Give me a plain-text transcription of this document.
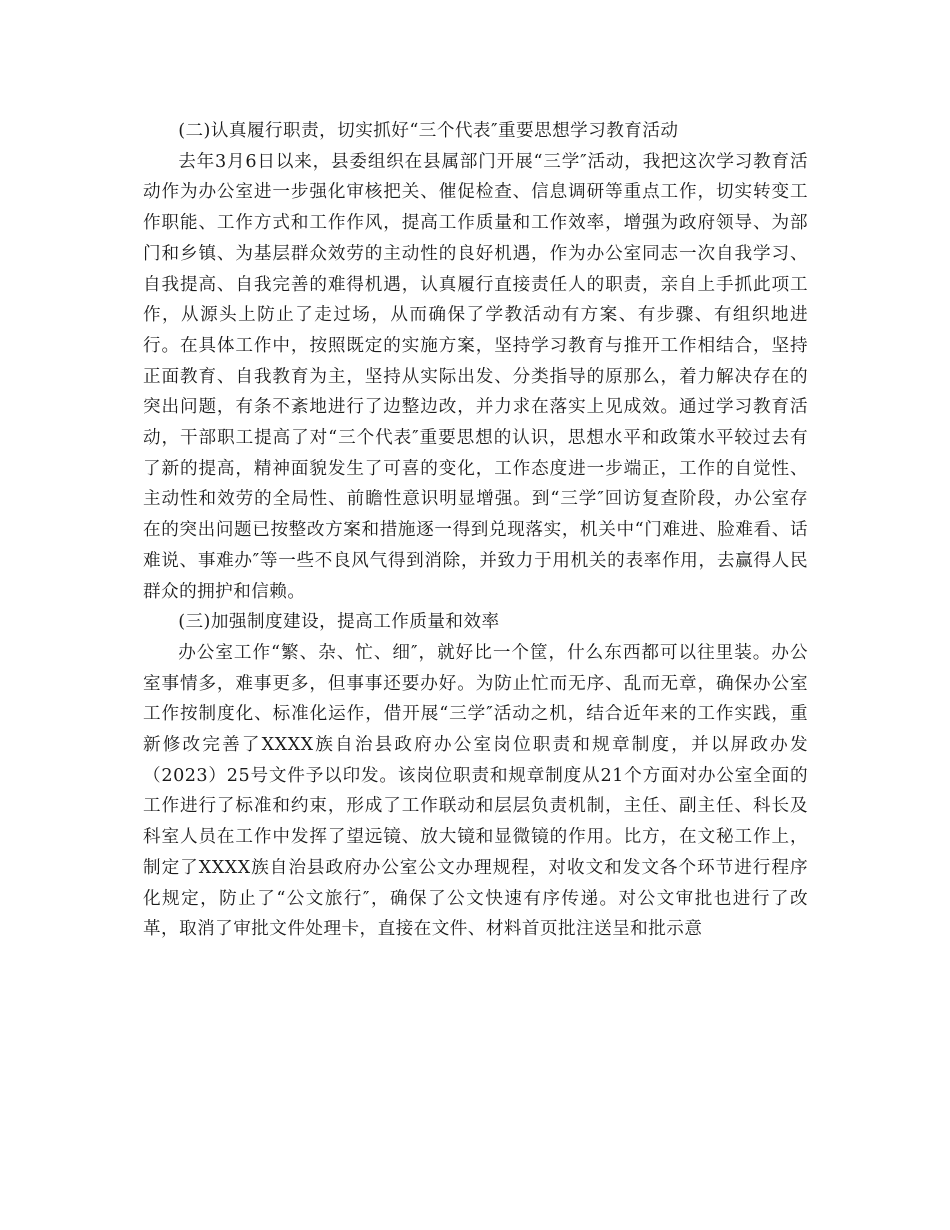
(二)认真履行职责，切实抓好“三个代表″重要思想学习教育活动

去年3月6日以来，县委组织在县属部门开展“三学″活动，我把这次学习教育活动作为办公室进一步强化审核把关、催促检查、信息调研等重点工作，切实转变工作职能、工作方式和工作作风，提高工作质量和工作效率，增强为政府领导、为部门和乡镇、为基层群众效劳的主动性的良好机遇，作为办公室同志一次自我学习、自我提高、自我完善的难得机遇，认真履行直接责任人的职责，亲自上手抓此项工作，从源头上防止了走过场，从而确保了学教活动有方案、有步骤、有组织地进行。在具体工作中，按照既定的实施方案，坚持学习教育与推开工作相结合，坚持正面教育、自我教育为主，坚持从实际出发、分类指导的原那么，着力解决存在的突出问题，有条不紊地进行了边整边改，并力求在落实上见成效。通过学习教育活动，干部职工提高了对“三个代表″重要思想的认识，思想水平和政策水平较过去有了新的提高，精神面貌发生了可喜的变化，工作态度进一步端正，工作的自觉性、主动性和效劳的全局性、前瞻性意识明显增强。到“三学″回访复查阶段，办公室存在的突出问题已按整改方案和措施逐一得到兑现落实，机关中“门难进、脸难看、话难说、事难办″等一些不良风气得到消除，并致力于用机关的表率作用，去赢得人民群众的拥护和信赖。

(三)加强制度建设，提高工作质量和效率

办公室工作“繁、杂、忙、细″，就好比一个筐，什么东西都可以往里装。办公室事情多，难事更多，但事事还要办好。为防止忙而无序、乱而无章，确保办公室工作按制度化、标准化运作，借开展“三学″活动之机，结合近年来的工作实践，重新修改完善了XXXX族自治县政府办公室岗位职责和规章制度，并以屏政办发（2023）25号文件予以印发。该岗位职责和规章制度从21个方面对办公室全面的工作进行了标准和约束，形成了工作联动和层层负责机制，主任、副主任、科长及科室人员在工作中发挥了望远镜、放大镜和显微镜的作用。比方，在文秘工作上，制定了XXXX族自治县政府办公室公文办理规程，对收文和发文各个环节进行程序化规定，防止了“公文旅行″，确保了公文快速有序传递。对公文审批也进行了改革，取消了审批文件处理卡，直接在文件、材料首页批注送呈和批示意
